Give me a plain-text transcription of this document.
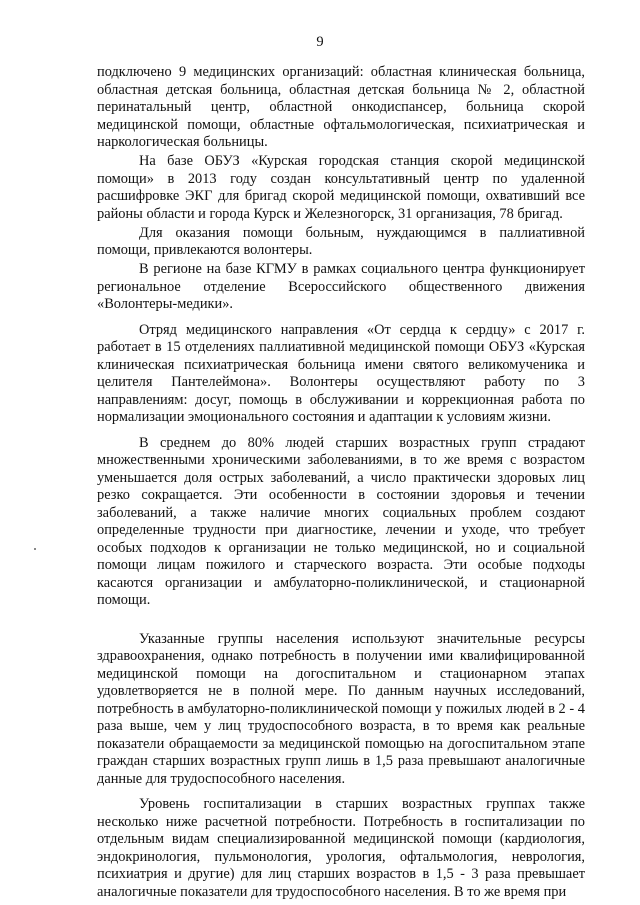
9

подключено 9 медицинских организаций: областная клиническая больница, областная детская больница, областная детская больница № 2, областной перинатальный центр, областной онкодиспансер, больница скорой медицинской помощи, областные офтальмологическая, психиатрическая и наркологическая больницы.

На базе ОБУЗ «Курская городская станция скорой медицинской помощи» в 2013 году создан консультативный центр по удаленной расшифровке ЭКГ для бригад скорой медицинской помощи, охвативший все районы области и города Курск и Железногорск, 31 организация, 78 бригад.

Для оказания помощи больным, нуждающимся в паллиативной помощи, привлекаются волонтеры.

В регионе на базе КГМУ в рамках социального центра функционирует региональное отделение Всероссийского общественного движения «Волонтеры-медики».

Отряд медицинского направления «От сердца к сердцу» с 2017 г. работает в 15 отделениях паллиативной медицинской помощи ОБУЗ «Курская клиническая психиатрическая больница имени святого великомученика и целителя Пантелеймона». Волонтеры осуществляют работу по 3 направлениям: досуг, помощь в обслуживании и коррекционная работа по нормализации эмоционального состояния и адаптации к условиям жизни.

В среднем до 80% людей старших возрастных групп страдают множественными хроническими заболеваниями, в то же время с возрастом уменьшается доля острых заболеваний, а число практически здоровых лиц резко сокращается. Эти особенности в состоянии здоровья и течении заболеваний, а также наличие многих социальных проблем создают определенные трудности при диагностике, лечении и уходе, что требует особых подходов к организации не только медицинской, но и социальной помощи лицам пожилого и старческого возраста. Эти особые подходы касаются организации и амбулаторно-поликлинической, и стационарной помощи.

Указанные группы населения используют значительные ресурсы здравоохранения, однако потребность в получении ими квалифицированной медицинской помощи на догоспитальном и стационарном этапах удовлетворяется не в полной мере. По данным научных исследований, потребность в амбулаторно-поликлинической помощи у пожилых людей в 2 - 4 раза выше, чем у лиц трудоспособного возраста, в то время как реальные показатели обращаемости за медицинской помощью на догоспитальном этапе граждан старших возрастных групп лишь в 1,5 раза превышают аналогичные данные для трудоспособного населения.

Уровень госпитализации в старших возрастных группах также несколько ниже расчетной потребности. Потребность в госпитализации по отдельным видам специализированной медицинской помощи (кардиология, эндокринология, пульмонология, урология, офтальмология, неврология, психиатрия и другие) для лиц старших возрастов в 1,5 - 3 раза превышает аналогичные показатели для трудоспособного населения. В то же время при
